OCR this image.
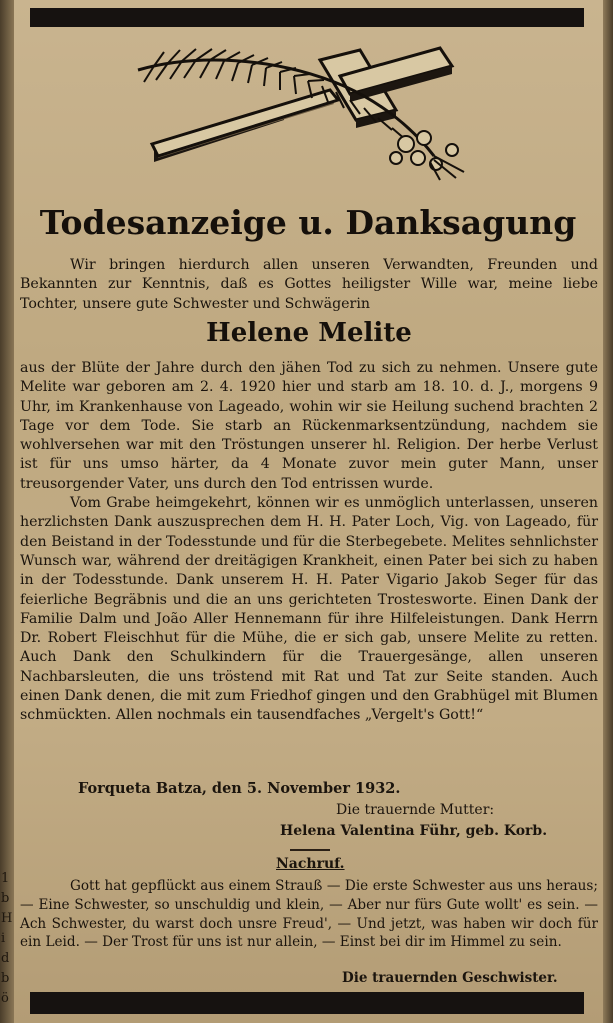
1
b
H
i
d
b
ö
Todesanzeige u. Danksagung

Wir bringen hierdurch allen unseren Verwandten, Freunden und Bekannten zur Kenntnis, daß es Gottes heiligster Wille war, meine liebe Tochter, unsere gute Schwester und Schwägerin

Helene Melite

aus der Blüte der Jahre durch den jähen Tod zu sich zu nehmen. Unsere gute Melite war geboren am 2. 4. 1920 hier und starb am 18. 10. d. J., morgens 9 Uhr, im Krankenhause von Lageado, wohin wir sie Heilung suchend brachten 2 Tage vor dem Tode. Sie starb an Rückenmarksentzündung, nachdem sie wohlversehen war mit den Tröstungen unserer hl. Religion. Der herbe Verlust ist für uns umso härter, da 4 Monate zuvor mein guter Mann, unser treusorgender Vater, uns durch den Tod entrissen wurde.

Vom Grabe heimgekehrt, können wir es unmöglich unterlassen, unseren herzlichsten Dank auszusprechen dem H. H. Pater Loch, Vig. von Lageado, für den Beistand in der Todesstunde und für die Sterbegebete. Melites sehnlichster Wunsch war, während der dreitägigen Krankheit, einen Pater bei sich zu haben in der Todesstunde. Dank unserem H. H. Pater Vigario Jakob Seger für das feierliche Begräbnis und die an uns gerichteten Trosteswort​e. Einen Dank der Familie Dalm und João Aller Hennemann für ihre Hilfeleistungen. Dank Herrn Dr. Robert Fleischhut für die Mühe, die er sich gab, unsere Melite zu retten. Auch Dank den Schulkindern für die Trauergesänge, allen unseren Nachbarsleuten, die uns tröstend mit Rat und Tat zur Seite standen. Auch einen Dank denen, die mit zum Friedhof gingen und den Grabhügel mit Blumen schmückten. Allen nochmals ein tausendfaches „Vergelt's Gott!“

Forqueta Batza, den 5. November 1932.
Die trauernde Mutter:
Helena Valentina Führ, geb. Korb.
Nachruf.

Gott hat gepflückt aus einem Strauß — Die erste Schwester aus uns heraus; — Eine Schwester, so unschuldig und klein, — Aber nur fürs Gute wollt' es sein. — Ach Schwester, du warst doch unsre Freud', — Und jetzt, was haben wir doch für ein Leid. — Der Trost für uns ist nur allein, — Einst bei dir im Himmel zu sein.

Die trauernden Geschwister.
